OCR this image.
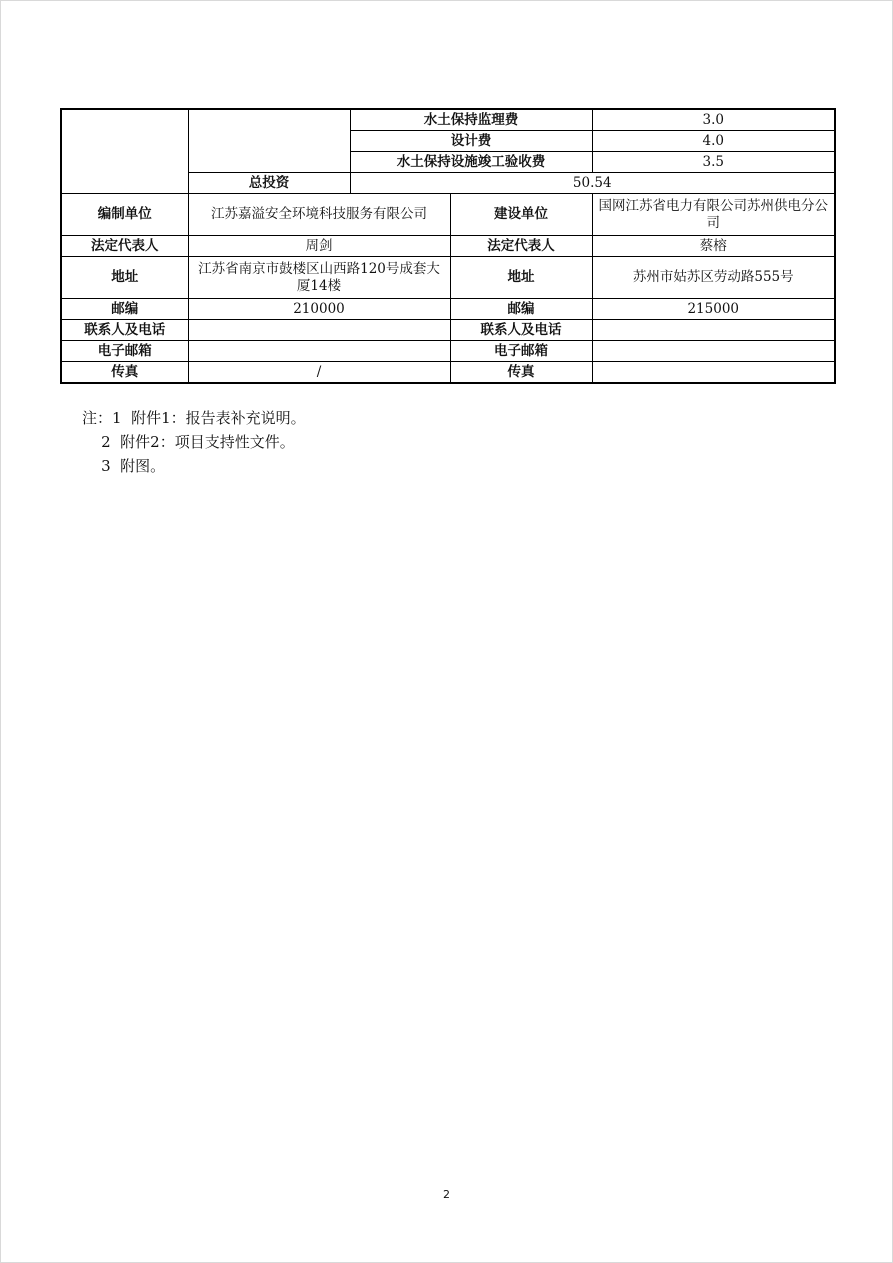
		水土保持监理费		3.0
		设计费		4.0
		水土保持设施竣工验收费		3.5
	总投资	50.54		
编制单位	江苏嘉溢安全环境科技服务有限公司		建设单位	国网江苏省电力有限公司苏州供电分公司
法定代表人	周剑		法定代表人	蔡榕
地址	江苏省南京市鼓楼区山西路120号成套大厦14楼		地址	苏州市姑苏区劳动路555号
邮编	210000		邮编	215000
联系人及电话			联系人及电话	
电子邮箱			电子邮箱	
传真	/		传真	
注：1  附件1：报告表补充说明。
2  附件2：项目支持性文件。
3  附图。
2
